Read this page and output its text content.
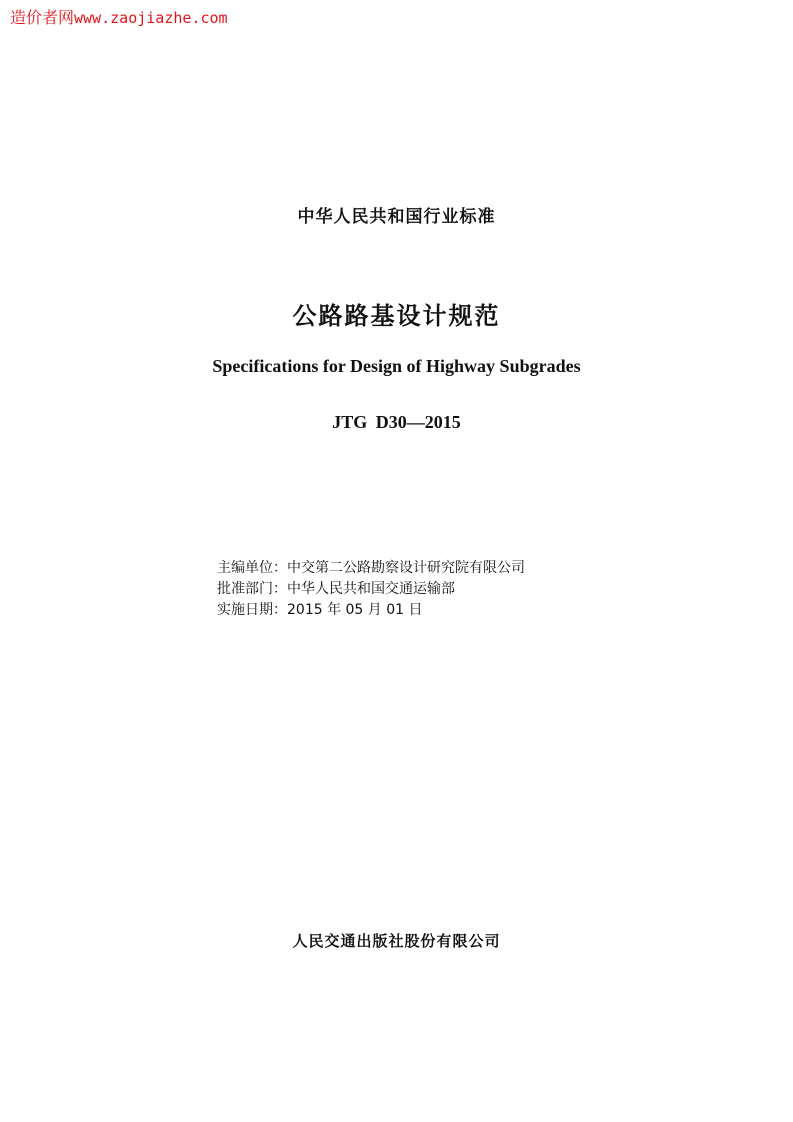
造价者网www.zaojiazhe.com
中华人民共和国行业标准
公路路基设计规范
Specifications for Design of Highway Subgrades
JTG D30—2015
主编单位：中交第二公路勘察设计研究院有限公司
批准部门：中华人民共和国交通运输部
实施日期：2015 年 05 月 01 日
人民交通出版社股份有限公司
